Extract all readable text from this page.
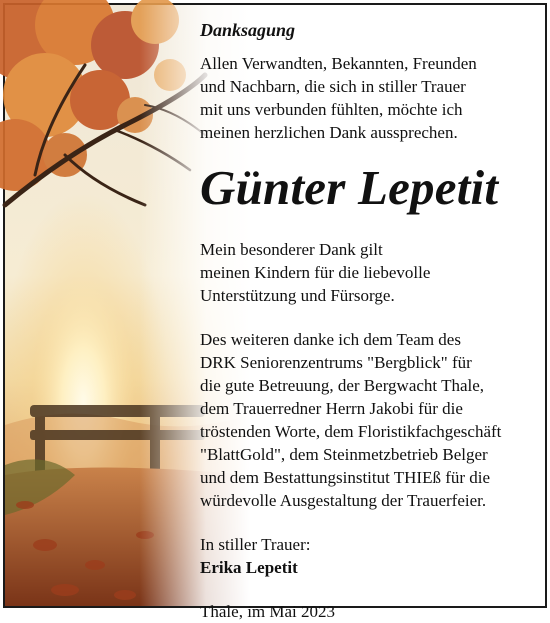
Danksagung

Allen Verwandten, Bekannten, Freunden
und Nachbarn, die sich in stiller Trauer
mit uns verbunden fühlten, möchte ich
meinen herzlichen Dank aussprechen.

Günter Lepetit

Mein besonderer Dank gilt
meinen Kindern für die liebevolle
Unterstützung und Fürsorge.

Des weiteren danke ich dem Team des
DRK Seniorenzentrums "Bergblick" für
die gute Betreuung, der Bergwacht Thale,
dem Trauerredner Herrn Jakobi für die
tröstenden Worte, dem Floristikfachgeschäft
"BlattGold", dem Steinmetzbetrieb Belger
und dem Bestattungsinstitut THIEß für die
würdevolle Ausgestaltung der Trauerfeier.

In stiller Trauer:

Erika Lepetit

Thale, im Mai 2023
